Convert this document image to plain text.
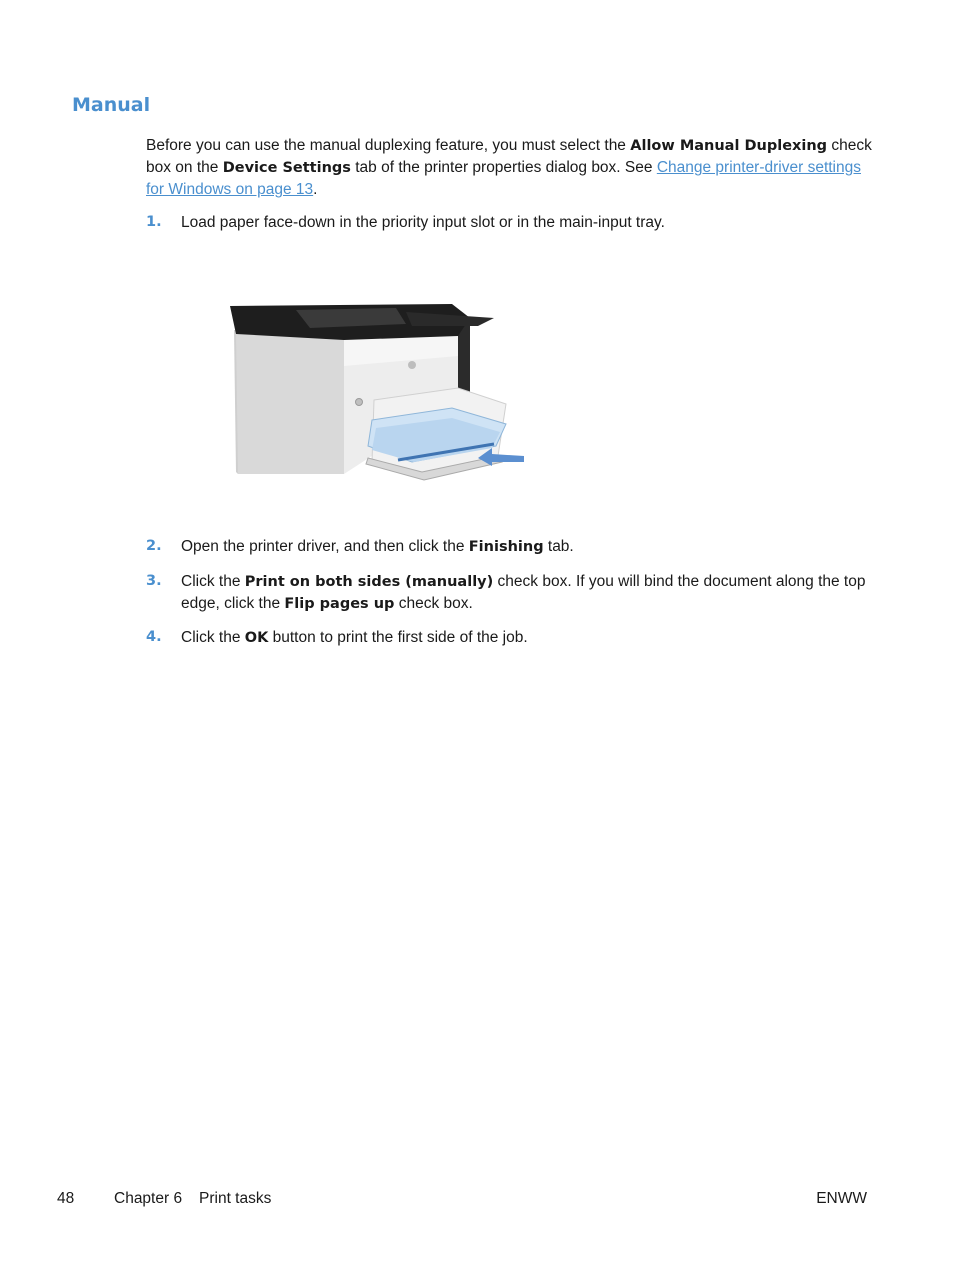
Manual

Before you can use the manual duplexing feature, you must select the Allow Manual Duplexing check box on the Device Settings tab of the printer properties dialog box. See Change printer-driver settings for Windows on page 13.

1. Load paper face-down in the priority input slot or in the main-input tray.
2. Open the printer driver, and then click the Finishing tab.
3. Click the Print on both sides (manually) check box. If you will bind the document along the top edge, click the Flip pages up check box.
4. Click the OK button to print the first side of the job.
48	Chapter 6 Print tasks	ENWW
